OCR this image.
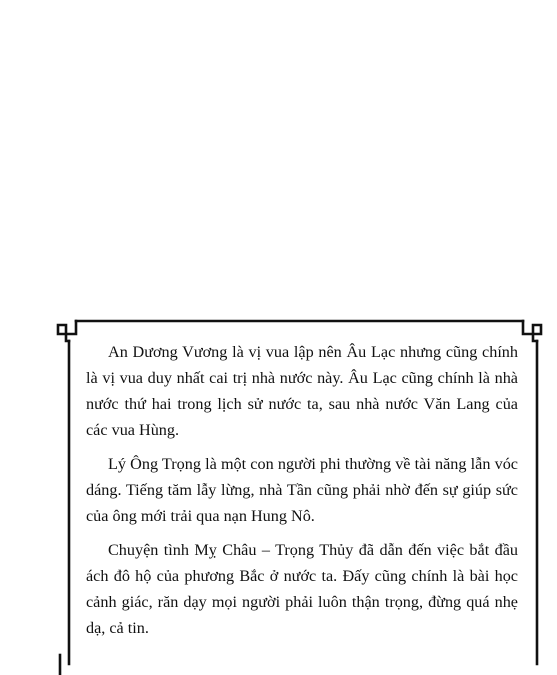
An Dương Vương là vị vua lập nên Âu Lạc nhưng cũng chính là vị vua duy nhất cai trị nhà nước này. Âu Lạc cũng chính là nhà nước thứ hai trong lịch sử nước ta, sau nhà nước Văn Lang của các vua Hùng.

Lý Ông Trọng là một con người phi thường về tài năng lẫn vóc dáng. Tiếng tăm lẫy lừng, nhà Tần cũng phải nhờ đến sự giúp sức của ông mới trải qua nạn Hung Nô.

Chuyện tình Mỵ Châu – Trọng Thủy đã dẫn đến việc bắt đầu ách đô hộ của phương Bắc ở nước ta. Đấy cũng chính là bài học cảnh giác, răn dạy mọi người phải luôn thận trọng, đừng quá nhẹ dạ, cả tin.
